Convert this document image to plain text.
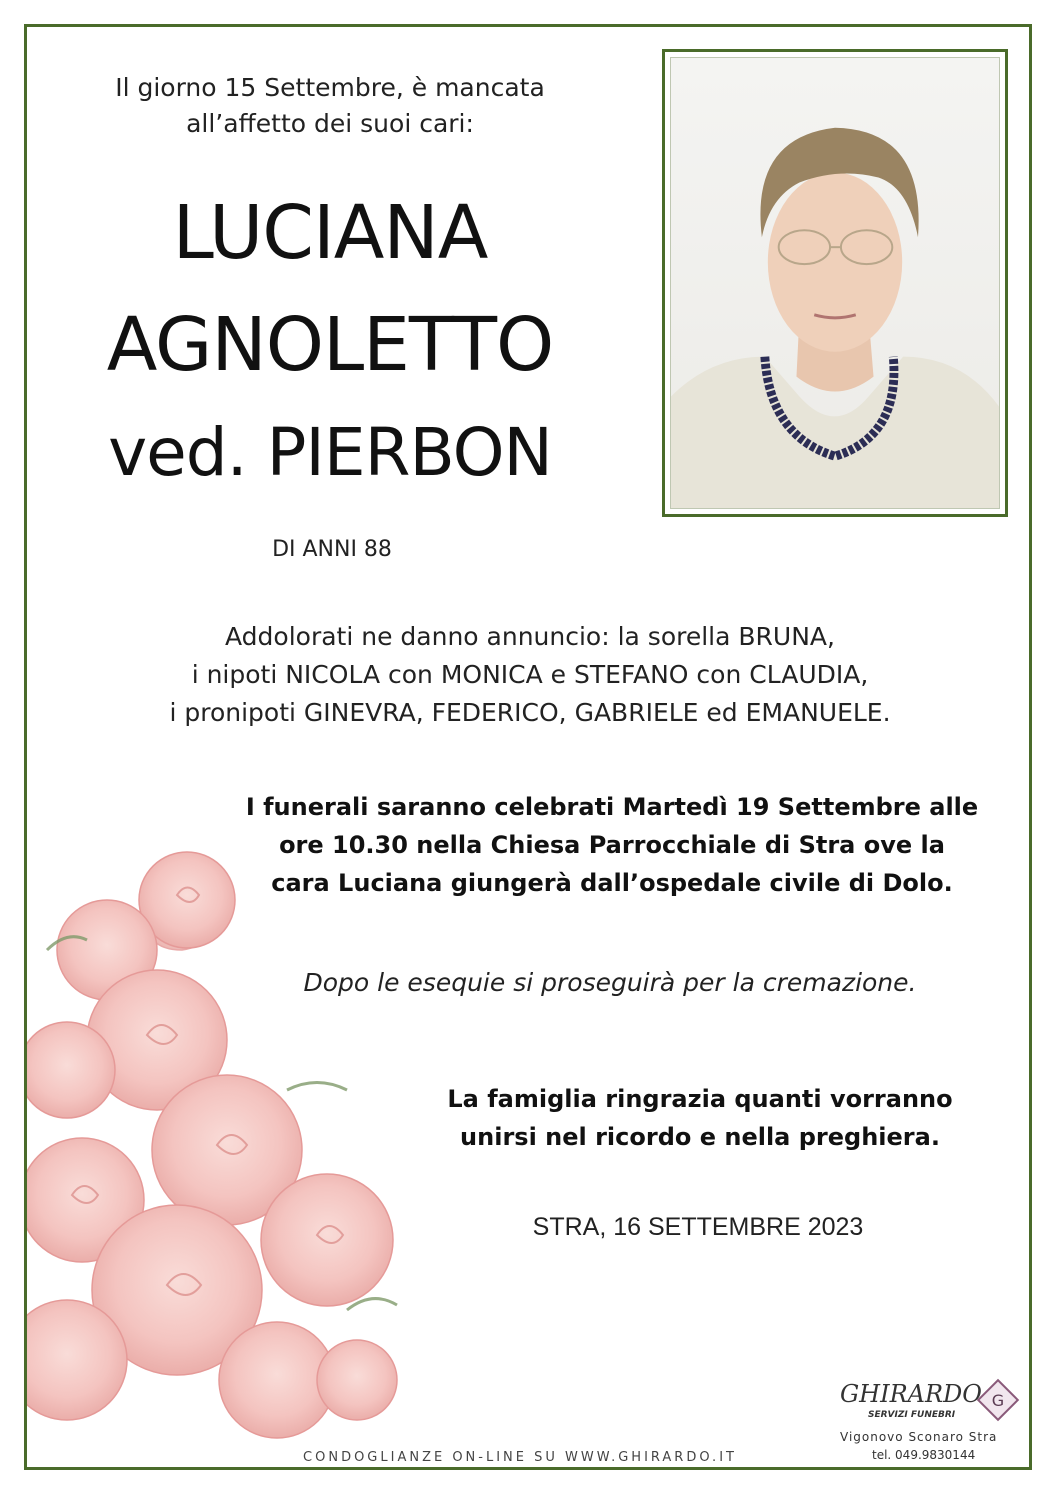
Il giorno 15 Settembre, è mancata
all’affetto dei suoi cari:
LUCIANA
AGNOLETTO
ved. PIERBON
DI ANNI 88
Addolorati ne danno annuncio: la sorella BRUNA,
i nipoti NICOLA con MONICA e STEFANO con CLAUDIA,
i pronipoti GINEVRA, FEDERICO, GABRIELE ed EMANUELE.
I funerali saranno celebrati Martedì 19 Settembre alle
ore 10.30 nella Chiesa Parrocchiale di Stra ove la
cara Luciana giungerà dall’ospedale civile di Dolo.
Dopo le esequie si proseguirà per la cremazione.
La famiglia ringrazia quanti vorranno
unirsi nel ricordo e nella preghiera.
STRA, 16 SETTEMBRE 2023
CONDOGLIANZE ON-LINE SU WWW.GHIRARDO.IT
GHIRARDO
SERVIZI FUNEBRI
G
Vigonovo Sconaro Stra
tel. 049.9830144
